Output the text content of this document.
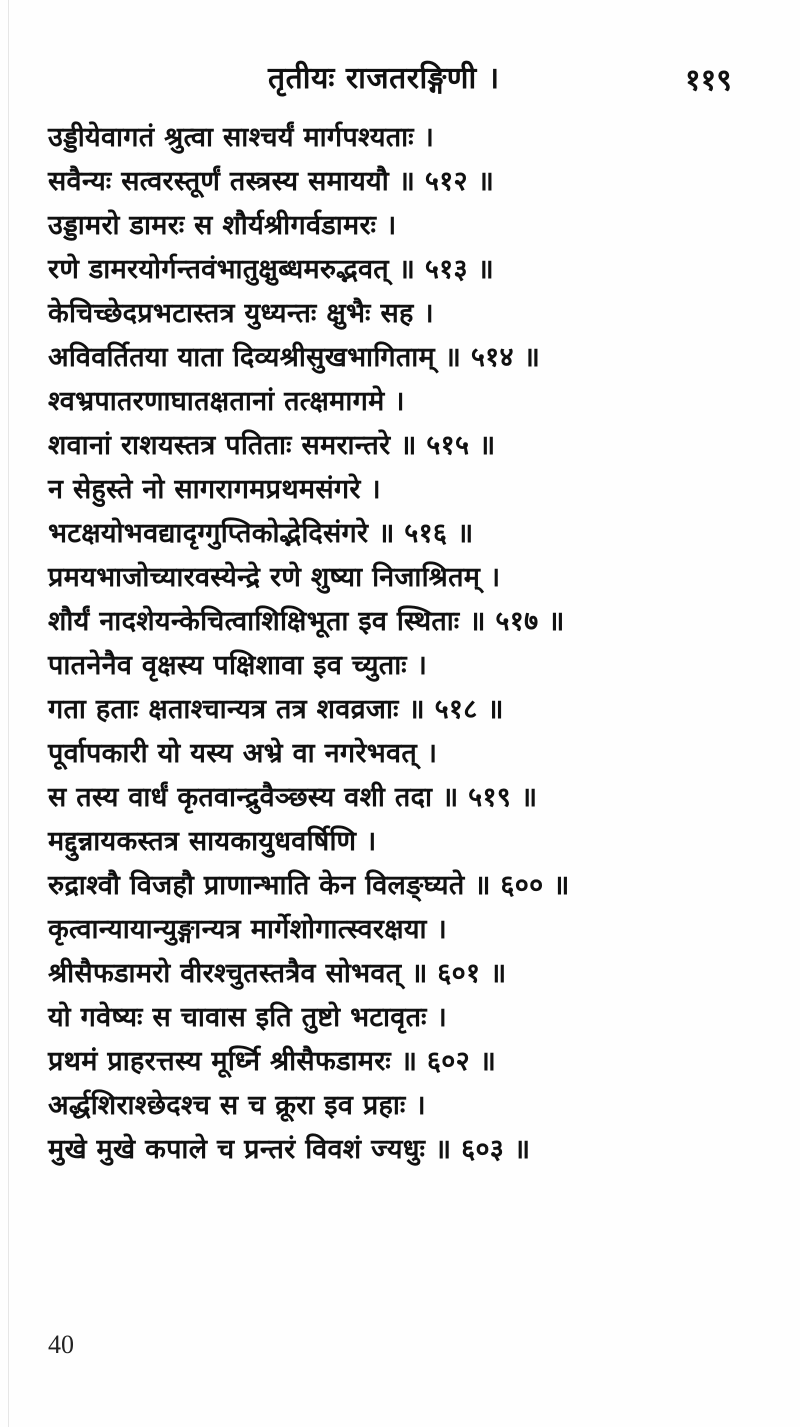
तृतीयः राजतरङ्गिणी ।	११९
उड्डीयेवागतं श्रुत्वा साश्चर्यं मार्गपश्यताः ।
सवैन्यः सत्वरस्तूर्णं तस्त्रस्य समाययौ ॥ ५१२ ॥
उड्डामरो डामरः स शौर्यश्रीगर्वडामरः ।
रणे डामरयोर्गन्तवंभातुक्षुब्धमरुद्भवत् ॥ ५१३ ॥
केचिच्छेदप्रभटास्तत्र युध्यन्तः क्षुभैः सह ।
अविवर्तितया याता दिव्यश्रीसुखभागिताम् ॥ ५१४ ॥
श्वभ्रपातरणाघातक्षतानां तत्क्षमागमे ।
शवानां राशयस्तत्र पतिताः समरान्तरे ॥ ५१५ ॥
न सेहुस्ते नो सागरागमप्रथमसंगरे ।
भटक्षयोभवद्यादृग्गुप्तिकोद्भेदिसंगरे ॥ ५१६ ॥
प्रमयभाजोच्यारवस्येन्द्रे रणे शुष्या निजाश्रितम् ।
शौर्यं नादशेयन्केचित्वाशिक्षिभूता इव स्थिताः ॥ ५१७ ॥
पातनेनैव वृक्षस्य पक्षिशावा इव च्युताः ।
गता हताः क्षताश्चान्यत्र तत्र शवव्रजाः ॥ ५१८ ॥
पूर्वापकारी यो यस्य अभ्रे वा नगरेभवत् ।
स तस्य वार्धं कृतवान्द्रुवैञ्छस्य वशी तदा ॥ ५१९ ॥
मद्दुन्नायकस्तत्र सायकायुधवर्षिणि ।
रुद्राश्वौ विजहौ प्राणान्भाति केन विलङ्घ्यते ॥ ६०० ॥
कृत्वान्यायान्युङ्गान्यत्र मार्गेशोगात्स्वरक्षया ।
श्रीसैफडामरो वीरश्चुतस्तत्रैव सोभवत् ॥ ६०१ ॥
यो गवेष्यः स चावास इति तुष्टो भटावृतः ।
प्रथमं प्राहरत्तस्य मूर्ध्नि श्रीसैफडामरः ॥ ६०२ ॥
अर्द्धशिराश्छेदश्च स च क्रूरा इव प्रहाः ।
मुखे मुखे कपाले च प्रन्तरं विवशं ज्यधुः ॥ ६०३ ॥
40
